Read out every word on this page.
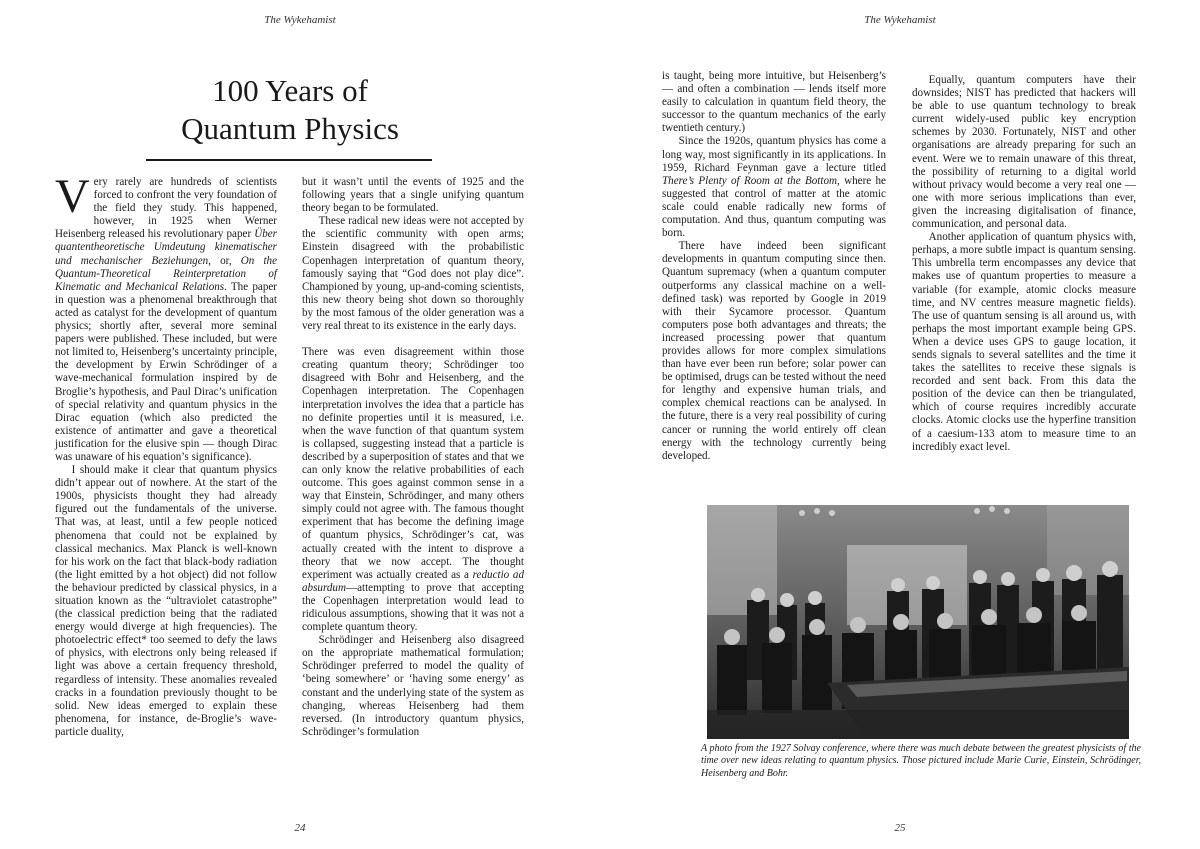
The Wykehamist
100 Years of
Quantum Physics

Very rarely are hundreds of scientists forced to confront the very foundation of the field they study. This happened, however, in 1925 when Werner Heisenberg released his revolutionary paper Über quantentheoretische Umdeutung kinematischer und mechanischer Beziehungen, or, On the Quantum-Theoretical Reinterpretation of Kinematic and Mechanical Relations. The paper in question was a phenomenal breakthrough that acted as catalyst for the development of quantum physics; shortly after, several more seminal papers were published. These included, but were not limited to, Heisenberg’s uncertainty principle, the development by Erwin Schrödinger of a wave-mechanical formulation inspired by de Broglie’s hypothesis, and Paul Dirac’s unification of special relativity and quantum physics in the Dirac equation (which also predicted the existence of antimatter and gave a theoretical justification for the elusive spin — though Dirac was unaware of his equation’s significance).

I should make it clear that quantum physics didn’t appear out of nowhere. At the start of the 1900s, physicists thought they had already figured out the fundamentals of the universe. That was, at least, until a few people noticed phenomena that could not be explained by classical mechanics. Max Planck is well-known for his work on the fact that black-body radiation (the light emitted by a hot object) did not follow the behaviour predicted by classical physics, in a situation known as the “ultraviolet catastrophe” (the classical prediction being that the radiated energy would diverge at high frequencies). The photoelectric effect* too seemed to defy the laws of physics, with electrons only being released if light was above a certain frequency threshold, regardless of intensity. These anomalies revealed cracks in a foundation previously thought to be solid. New ideas emerged to explain these phenomena, for instance, de-Broglie’s wave-particle duality,

but it wasn’t until the events of 1925 and the following years that a single unifying quantum theory began to be formulated.

These radical new ideas were not accepted by the scientific community with open arms; Einstein disagreed with the probabilistic Copenhagen interpretation of quantum theory, famously saying that “God does not play dice”. Championed by young, up-and-coming scientists, this new theory being shot down so thoroughly by the most famous of the older generation was a very real threat to its existence in the early days.

There was even disagreement within those creating quantum theory; Schrödinger too disagreed with Bohr and Heisenberg, and the Copenhagen interpretation. The Copenhagen interpretation involves the idea that a particle has no definite properties until it is measured, i.e. when the wave function of that quantum system is collapsed, suggesting instead that a particle is described by a superposition of states and that we can only know the relative probabilities of each outcome. This goes against common sense in a way that Einstein, Schrödinger, and many others simply could not agree with. The famous thought experiment that has become the defining image of quantum physics, Schrödinger’s cat, was actually created with the intent to disprove a theory that we now accept. The thought experiment was actually created as a reductio ad absurdum—attempting to prove that accepting the Copenhagen interpretation would lead to ridiculous assumptions, showing that it was not a complete quantum theory.

Schrödinger and Heisenberg also disagreed on the appropriate mathematical formulation; Schrödinger preferred to model the quality of ‘being somewhere’ or ‘having some energy’ as constant and the underlying state of the system as changing, whereas Heisenberg had them reversed. (In introductory quantum physics, Schrödinger’s formulation

24
The Wykehamist

is taught, being more intuitive, but Heisenberg’s — and often a combination — lends itself more easily to calculation in quantum field theory, the successor to the quantum mechanics of the early twentieth century.)

Since the 1920s, quantum physics has come a long way, most significantly in its applications. In 1959, Richard Feynman gave a lecture titled There’s Plenty of Room at the Bottom, where he suggested that control of matter at the atomic scale could enable radically new forms of computation. And thus, quantum computing was born.

There have indeed been significant developments in quantum computing since then. Quantum supremacy (when a quantum computer outperforms any classical machine on a well-defined task) was reported by Google in 2019 with their Sycamore processor. Quantum computers pose both advantages and threats; the increased processing power that quantum provides allows for more complex simulations than have ever been run before; solar power can be optimised, drugs can be tested without the need for lengthy and expensive human trials, and complex chemical reactions can be analysed. In the future, there is a very real possibility of curing cancer or running the world entirely off clean energy with the technology currently being developed.

Equally, quantum computers have their downsides; NIST has predicted that hackers will be able to use quantum technology to break current widely-used public key encryption schemes by 2030. Fortunately, NIST and other organisations are already preparing for such an event. Were we to remain unaware of this threat, the possibility of returning to a digital world without privacy would become a very real one — one with more serious implications than ever, given the increasing digitalisation of finance, communication, and personal data.

Another application of quantum physics with, perhaps, a more subtle impact is quantum sensing. This umbrella term encompasses any device that makes use of quantum properties to measure a variable (for example, atomic clocks measure time, and NV centres measure magnetic fields). The use of quantum sensing is all around us, with perhaps the most important example being GPS. When a device uses GPS to gauge location, it sends signals to several satellites and the time it takes the satellites to receive these signals is recorded and sent back. From this data the position of the device can then be triangulated, which of course requires incredibly accurate clocks. Atomic clocks use the hyperfine transition of a caesium-133 atom to measure time to an incredibly exact level.

A photo from the 1927 Solvay conference, where there was much debate between the greatest physicists of the time over new ideas relating to quantum physics. Those pictured include Marie Curie, Einstein, Schrödinger, Heisenberg and Bohr.
25
